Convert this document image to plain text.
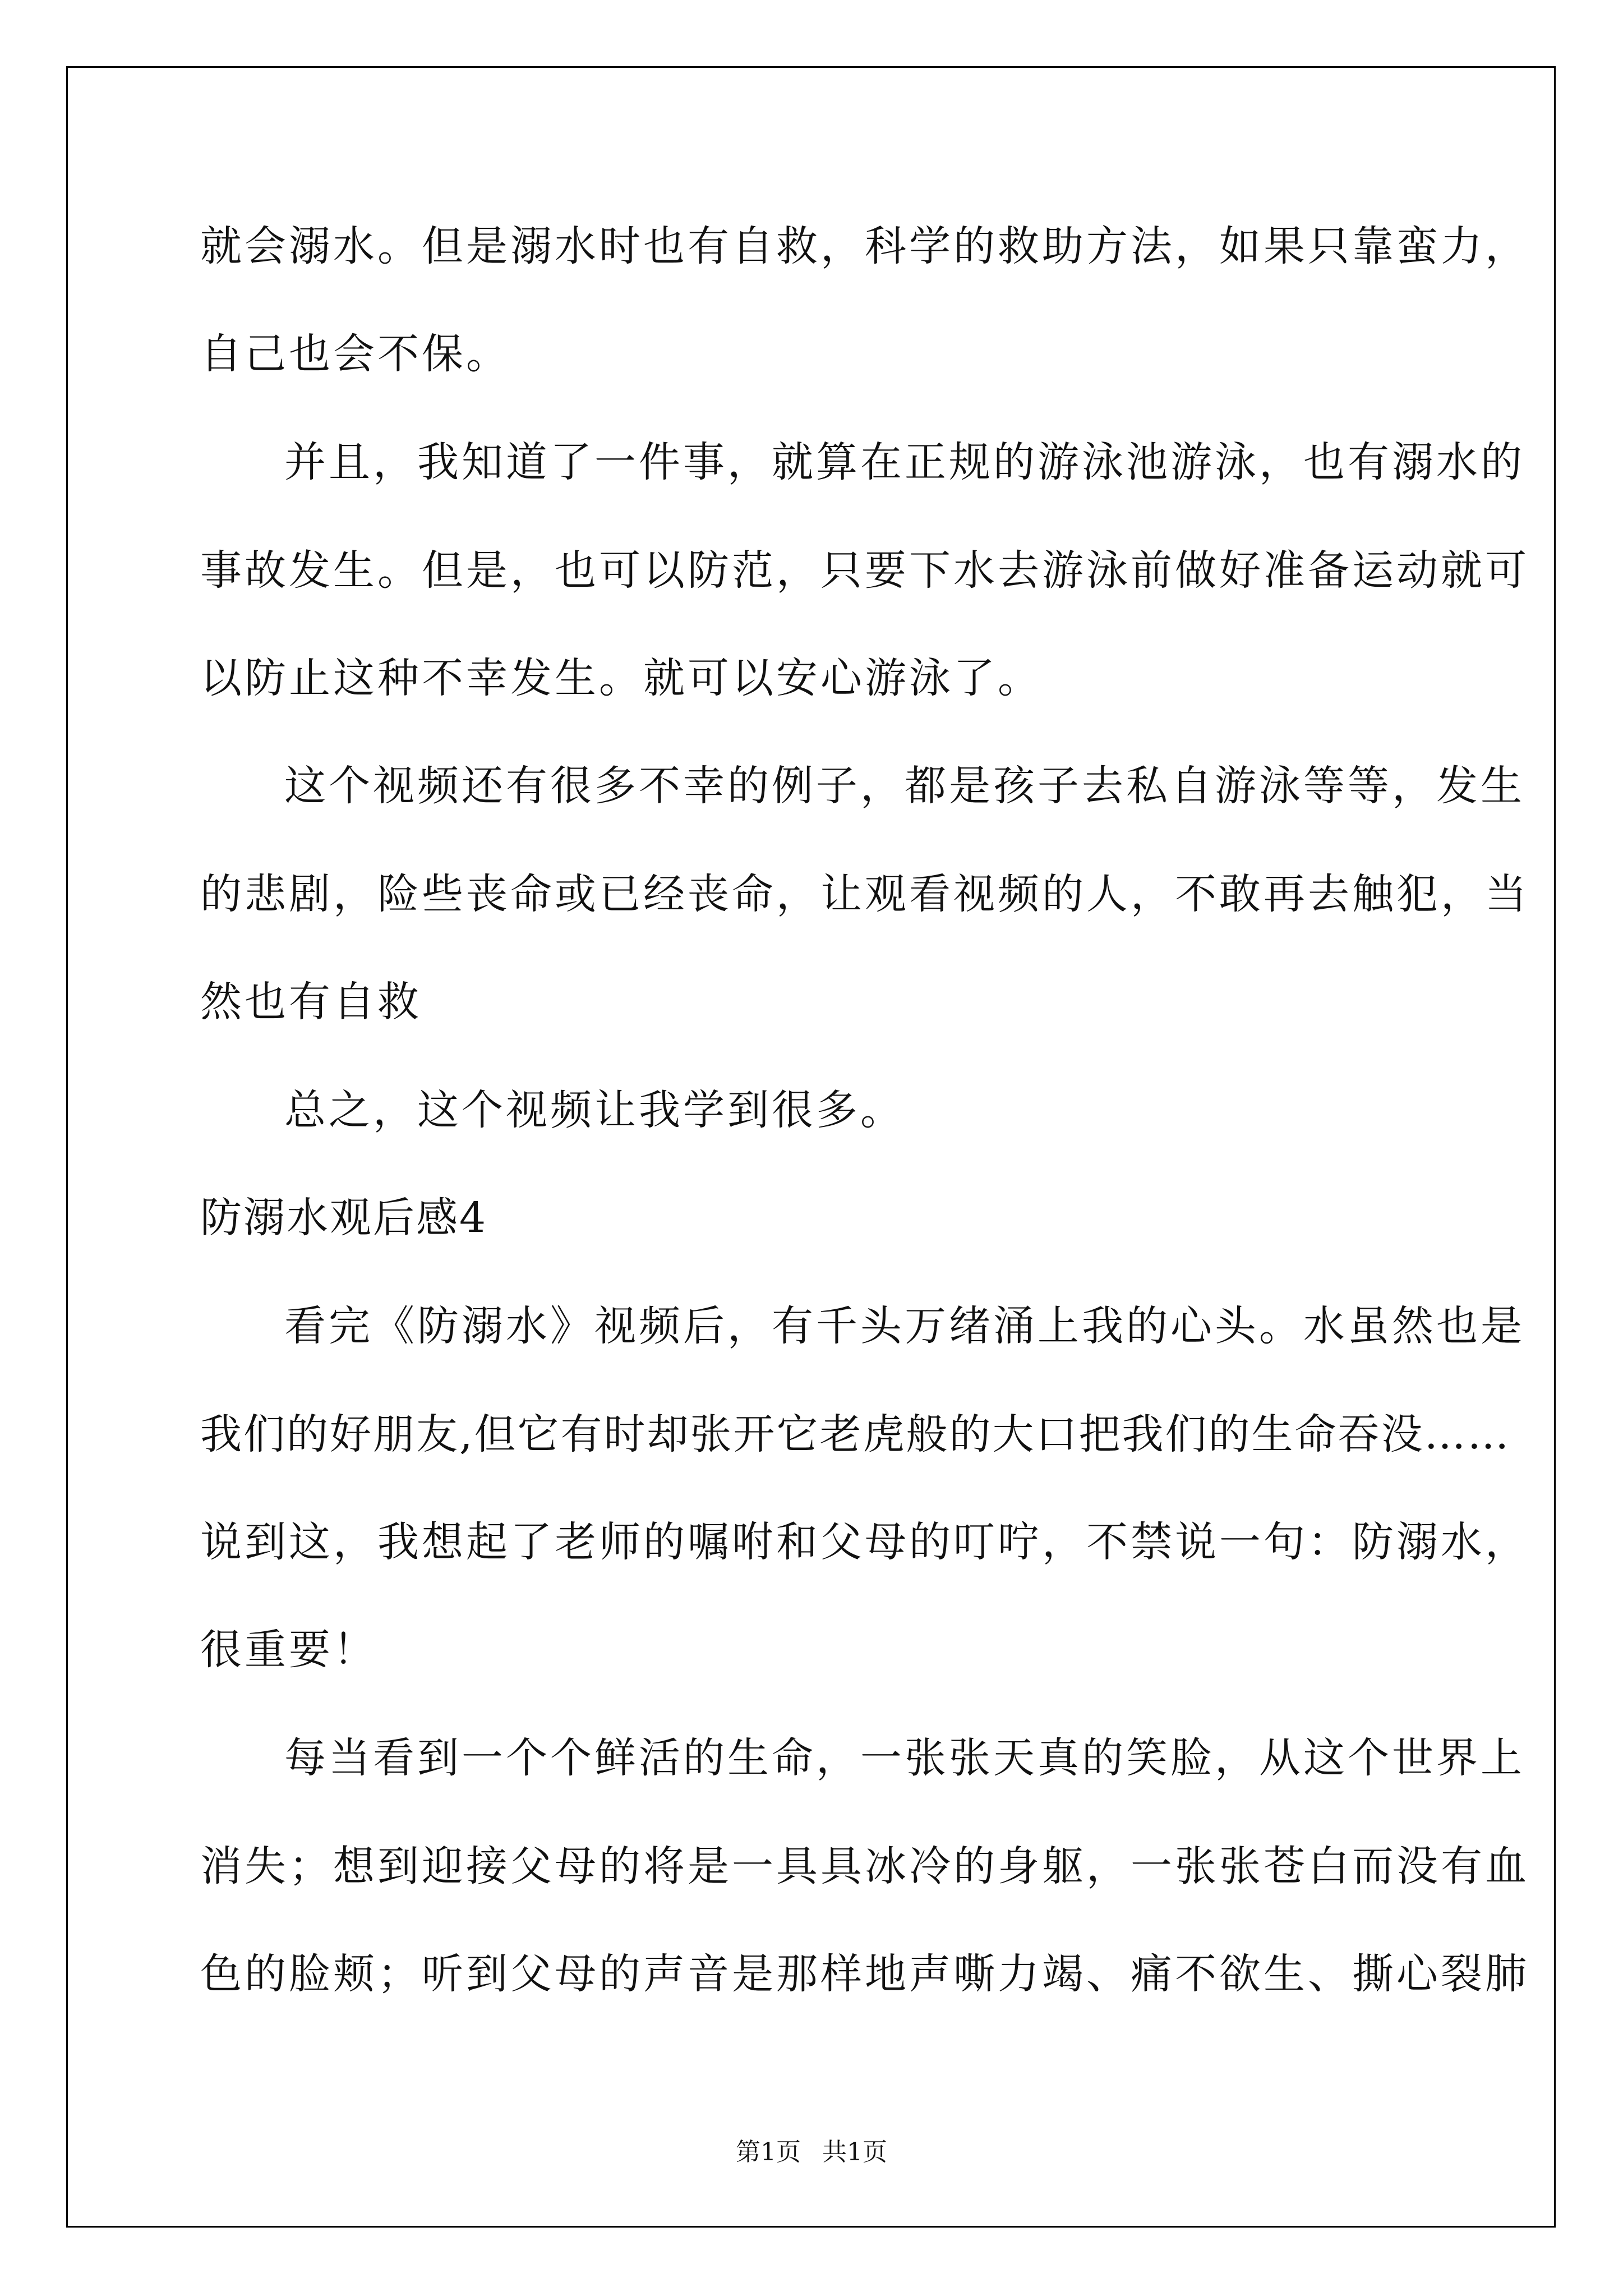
就会溺水。但是溺水时也有自救，科学的救助方法，如果只靠蛮力，
自己也会不保。
并且，我知道了一件事，就算在正规的游泳池游泳，也有溺水的
事故发生。但是，也可以防范，只要下水去游泳前做好准备运动就可
以防止这种不幸发生。就可以安心游泳了。
这个视频还有很多不幸的例子，都是孩子去私自游泳等等，发生
的悲剧，险些丧命或已经丧命，让观看视频的人，不敢再去触犯，当
然也有自救
总之，这个视频让我学到很多。
防溺水观后感4
看完《防溺水》视频后，有千头万绪涌上我的心头。水虽然也是
我们的好朋友,但它有时却张开它老虎般的大口把我们的生命吞没……
说到这，我想起了老师的嘱咐和父母的叮咛，不禁说一句：防溺水，
很重要！
每当看到一个个鲜活的生命，一张张天真的笑脸，从这个世界上
消失；想到迎接父母的将是一具具冰冷的身躯，一张张苍白而没有血
色的脸颊；听到父母的声音是那样地声嘶力竭、痛不欲生、撕心裂肺
第1页 共1页
